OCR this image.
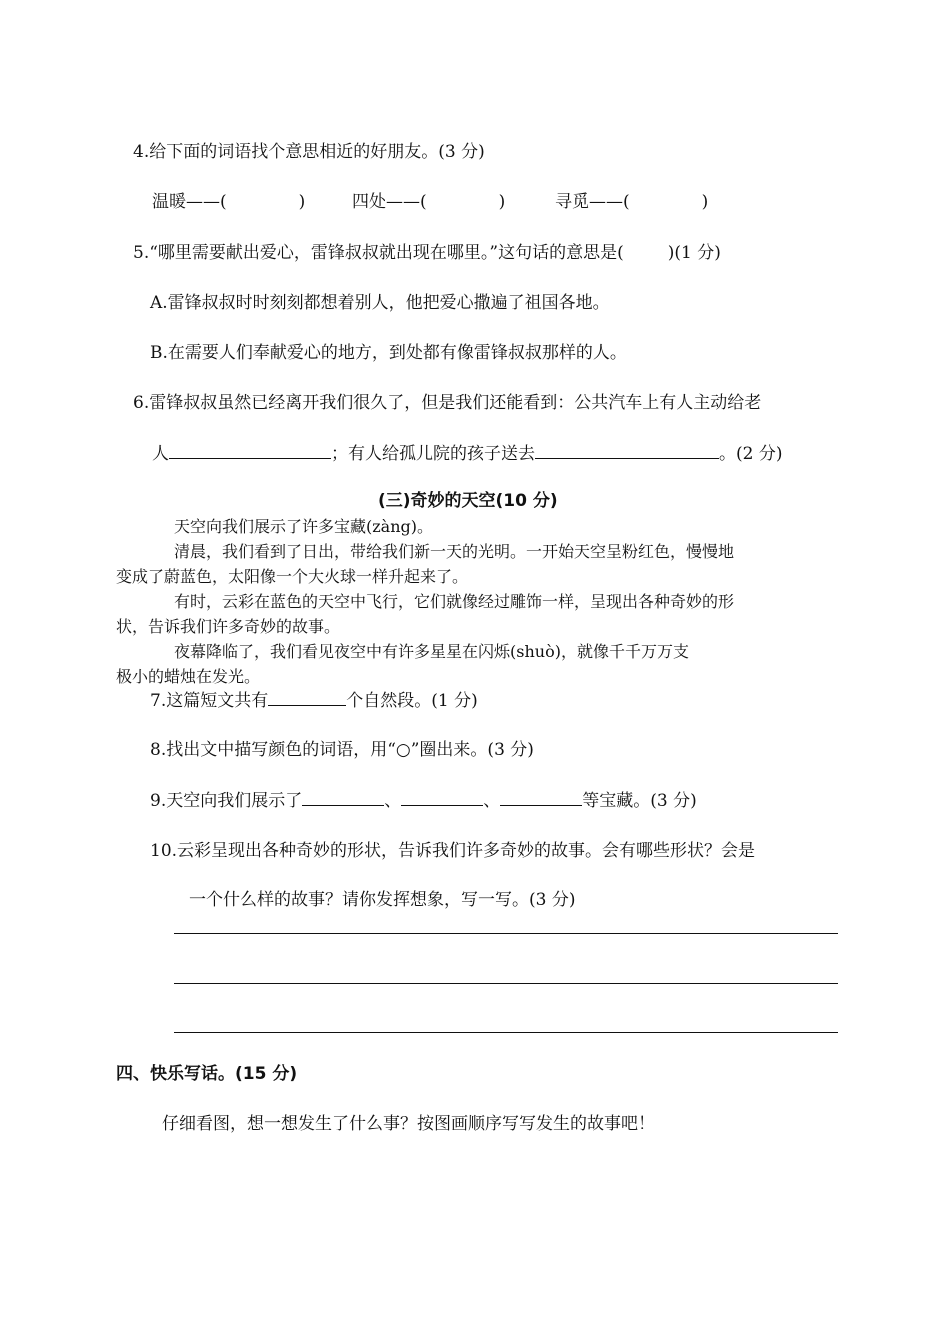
4.给下面的词语找个意思相近的好朋友。(3 分)
温暖——(	)	四处——(	)	寻觅——(	)
5.“哪里需要献出爱心，雷锋叔叔就出现在哪里。”这句话的意思是(	)(1 分)
A.雷锋叔叔时时刻刻都想着别人，他把爱心撒遍了祖国各地。
B.在需要人们奉献爱心的地方，到处都有像雷锋叔叔那样的人。
6.雷锋叔叔虽然已经离开我们很久了，但是我们还能看到：公共汽车上有人主动给老
人	；有人给孤儿院的孩子送去	。(2 分)
(三)奇妙的天空(10 分)
天空向我们展示了许多宝藏(zàng)。
清晨，我们看到了日出，带给我们新一天的光明。一开始天空呈粉红色，慢慢地
变成了蔚蓝色，太阳像一个大火球一样升起来了。
有时，云彩在蓝色的天空中飞行，它们就像经过雕饰一样，呈现出各种奇妙的形
状，告诉我们许多奇妙的故事。
夜幕降临了，我们看见夜空中有许多星星在闪烁(shuò)，就像千千万万支
极小的蜡烛在发光。
7.这篇短文共有	个自然段。(1 分)
8.找出文中描写颜色的词语，用“○”圈出来。(3 分)
9.天空向我们展示了	、	、	等宝藏。(3 分)
10.云彩呈现出各种奇妙的形状，告诉我们许多奇妙的故事。会有哪些形状？会是
一个什么样的故事？请你发挥想象，写一写。(3 分)
四、快乐写话。(15 分)
仔细看图，想一想发生了什么事？按图画顺序写写发生的故事吧！
